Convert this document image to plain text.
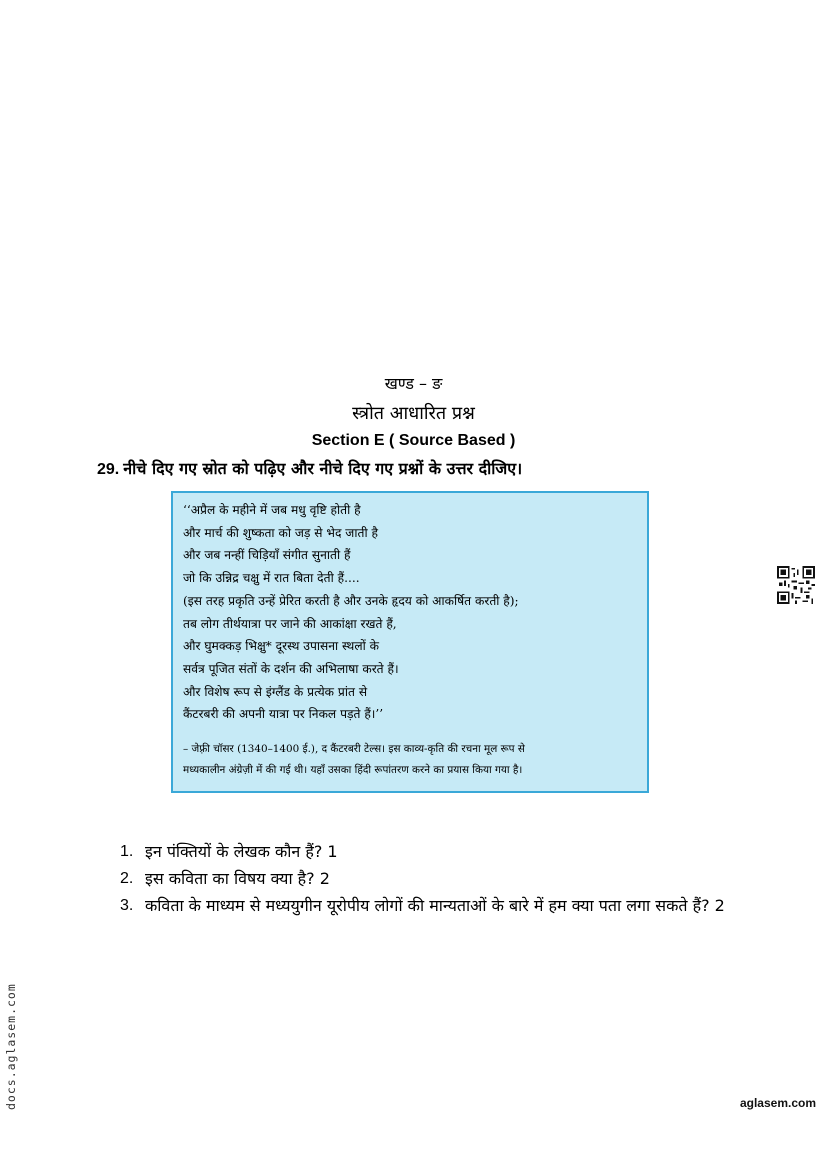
खण्ड – ङ
स्त्रोत आधारित प्रश्न
Section E ( Source Based )
29. नीचे दिए गए स्रोत को पढ़िए और नीचे दिए गए प्रश्नों के उत्तर दीजिए।
‘‘अप्रैल के महीने में जब मधु वृष्टि होती है
और मार्च की शुष्कता को जड़ से भेद जाती है
और जब नन्हीं चिड़ियाँ संगीत सुनाती हैं
जो कि उन्निद्र चक्षु में रात बिता देती हैं....
(इस तरह प्रकृति उन्हें प्रेरित करती है और उनके हृदय को आकर्षित करती है);
तब लोग तीर्थयात्रा पर जाने की आकांक्षा रखते हैं,
और घुमक्कड़ भिक्षु* दूरस्थ उपासना स्थलों के
सर्वत्र पूजित संतों के दर्शन की अभिलाषा करते हैं।
और विशेष रूप से इंग्लैंड के प्रत्येक प्रांत से
कैंटरबरी की अपनी यात्रा पर निकल पड़ते हैं।’’
– जेफ़्री चॉसर (1340–1400 ई.), द कैंटरबरी टेल्स। इस काव्य-कृति की रचना मूल रूप से
मध्यकालीन अंग्रेज़ी में की गई थी। यहाँ उसका हिंदी रूपांतरण करने का प्रयास किया गया है।
1. इन पंक्तियों के लेखक कौन हैं? 1
2. इस कविता का विषय क्या है? 2
3. कविता के माध्यम से मध्ययुगीन यूरोपीय लोगों की मान्यताओं के बारे में हम क्या पता लगा सकते हैं? 2
docs.aglasem.com	aglasem.com
